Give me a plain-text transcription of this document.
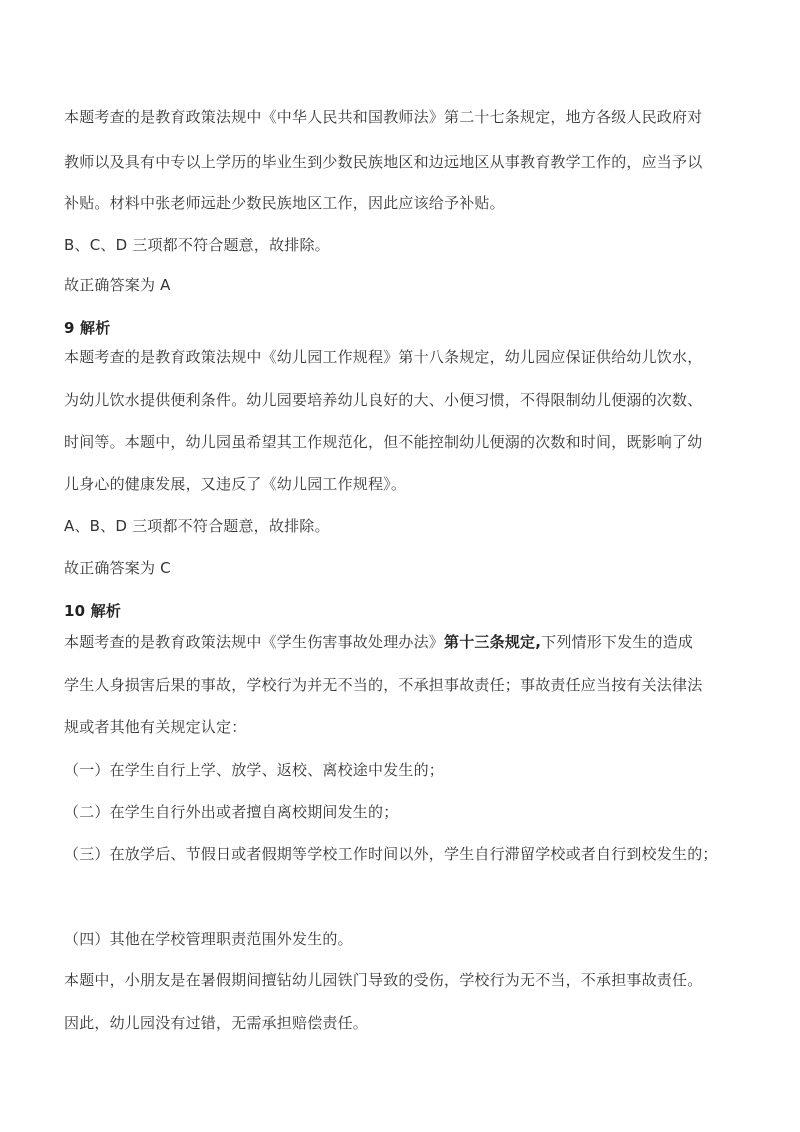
本题考查的是教育政策法规中《中华人民共和国教师法》第二十七条规定，地方各级人民政府对
教师以及具有中专以上学历的毕业生到少数民族地区和边远地区从事教育教学工作的，应当予以
补贴。材料中张老师远赴少数民族地区工作，因此应该给予补贴。
B、C、D 三项都不符合题意，故排除。
故正确答案为 A
9 解析
本题考查的是教育政策法规中《幼儿园工作规程》第十八条规定，幼儿园应保证供给幼儿饮水，
为幼儿饮水提供便利条件。幼儿园要培养幼儿良好的大、小便习惯，不得限制幼儿便溺的次数、
时间等。本题中，幼儿园虽希望其工作规范化，但不能控制幼儿便溺的次数和时间，既影响了幼
儿身心的健康发展，又违反了《幼儿园工作规程》。
A、B、D 三项都不符合题意，故排除。
故正确答案为 C
10 解析
本题考查的是教育政策法规中《学生伤害事故处理办法》第十三条规定,下列情形下发生的造成
学生人身损害后果的事故，学校行为并无不当的，不承担事故责任；事故责任应当按有关法律法
规或者其他有关规定认定：
（一）在学生自行上学、放学、返校、离校途中发生的；
（二）在学生自行外出或者擅自离校期间发生的；
（三）在放学后、节假日或者假期等学校工作时间以外，学生自行滞留学校或者自行到校发生的；
（四）其他在学校管理职责范围外发生的。
本题中，小朋友是在暑假期间擅钻幼儿园铁门导致的受伤，学校行为无不当，不承担事故责任。
因此，幼儿园没有过错，无需承担赔偿责任。
